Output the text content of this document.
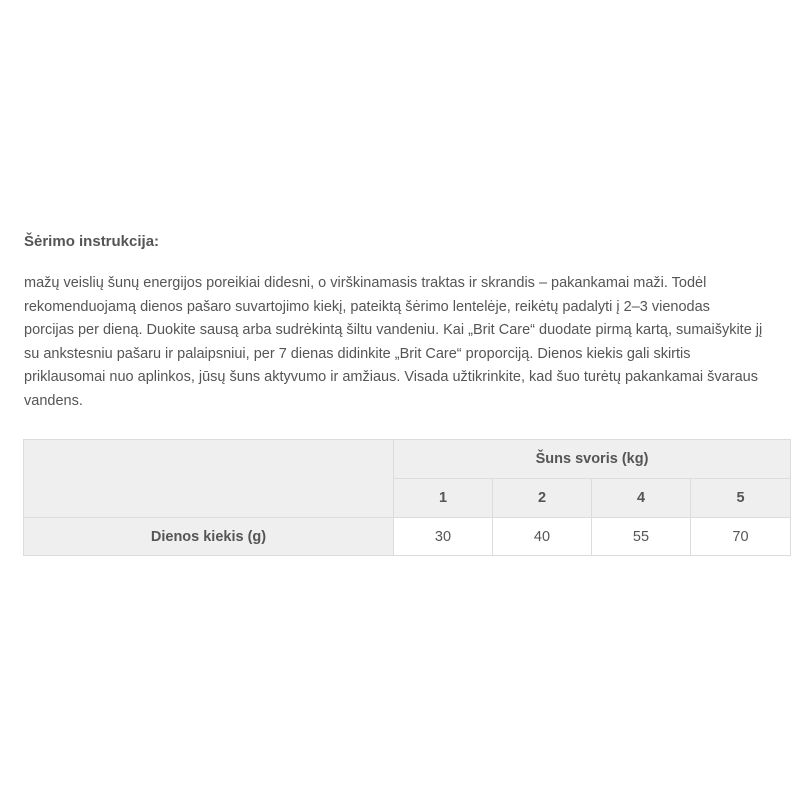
Šėrimo instrukcija:
mažų veislių šunų energijos poreikiai didesni, o virškinamasis traktas ir skrandis – pakankamai maži. Todėl
rekomenduojamą dienos pašaro suvartojimo kiekį, pateiktą šėrimo lentelėje, reikėtų padalyti į 2–3 vienodas
porcijas per dieną. Duokite sausą arba sudrėkintą šiltu vandeniu. Kai „Brit Care“ duodate pirmą kartą, sumaišykite jį
su ankstesniu pašaru ir palaipsniui, per 7 dienas didinkite „Brit Care“ proporciją. Dienos kiekis gali skirtis
priklausomai nuo aplinkos, jūsų šuns aktyvumo ir amžiaus. Visada užtikrinkite, kad šuo turėtų pakankamai švaraus
vandens.
	Šuns svoris (kg)			
	1	2	4	5
Dienos kiekis (g)	30	40	55	70
